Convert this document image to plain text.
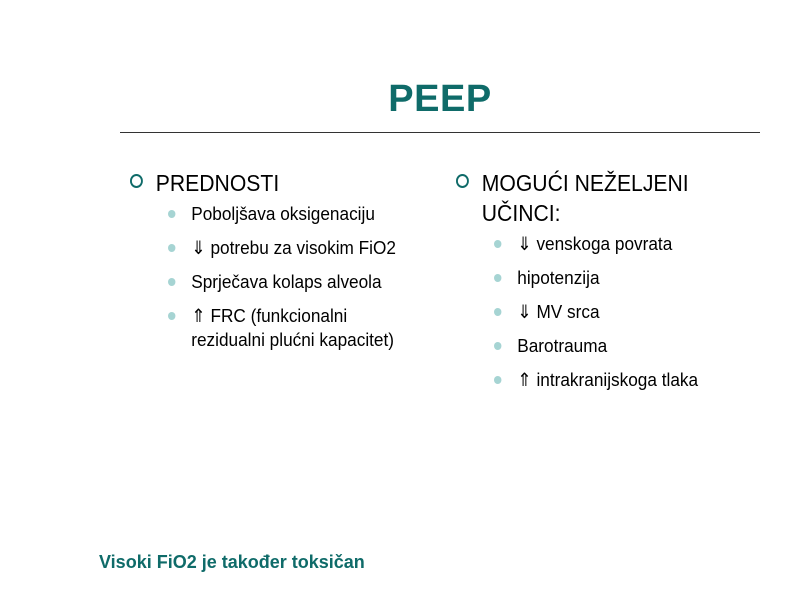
PEEP
PREDNOSTI
Poboljšava oksigenaciju
⇓ potrebu za visokim FiO2
Sprječava kolaps alveola
⇑ FRC (funkcionalni rezidualni plućni kapacitet)
MOGUĆI NEŽELJENI UČINCI:
⇓ venskoga povrata
hipotenzija
⇓ MV srca
Barotrauma
⇑ intrakranijskoga tlaka
Visoki FiO2 je također toksičan
